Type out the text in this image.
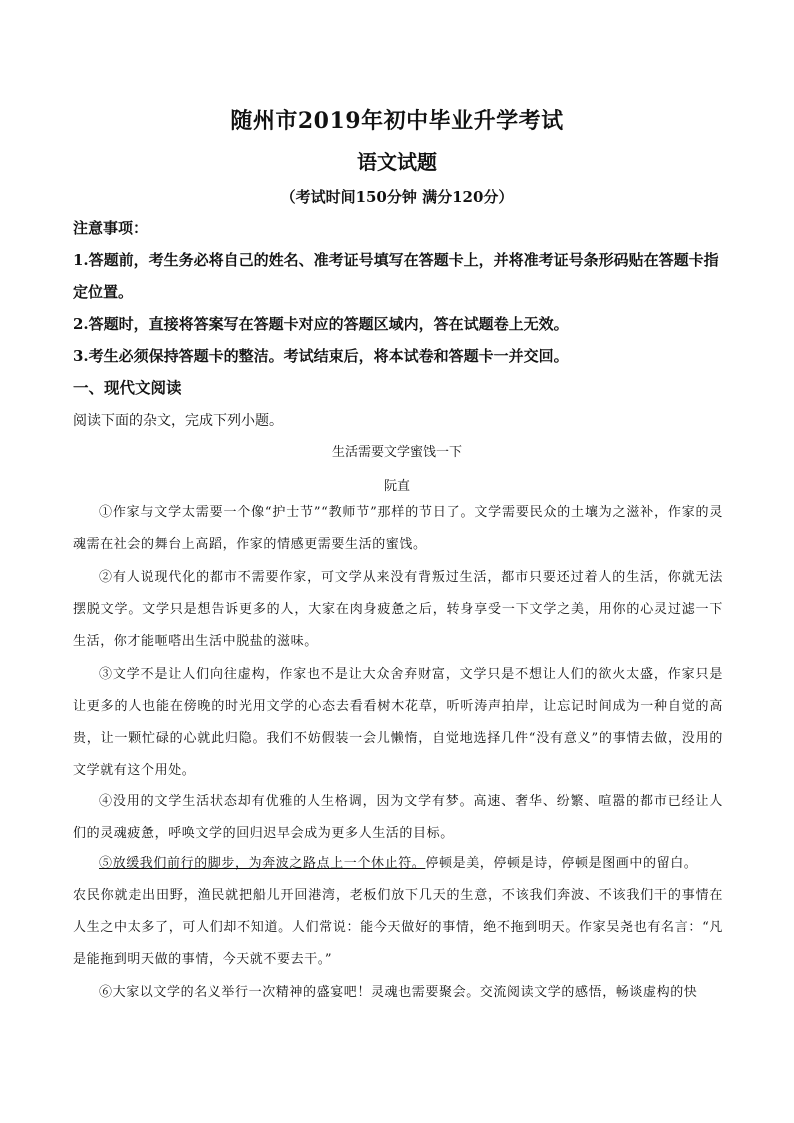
随州市2019年初中毕业升学考试
语文试题
（考试时间150分钟 满分120分）
注意事项：
1.答题前，考生务必将自己的姓名、准考证号填写在答题卡上，并将准考证号条形码贴在答题卡指定位置。
2.答题时，直接将答案写在答题卡对应的答题区域内，答在试题卷上无效。
3.考生必须保持答题卡的整洁。考试结束后，将本试卷和答题卡一并交回。
一、现代文阅读
阅读下面的杂文，完成下列小题。
生活需要文学蜜饯一下
阮直

①作家与文学太需要一个像“护士节”“教师节”那样的节日了。文学需要民众的土壤为之滋补，作家的灵魂需在社会的舞台上高蹈，作家的情感更需要生活的蜜饯。

②有人说现代化的都市不需要作家，可文学从来没有背叛过生活，都市只要还过着人的生活，你就无法摆脱文学。文学只是想告诉更多的人，大家在肉身疲惫之后，转身享受一下文学之美，用你的心灵过滤一下生活，你才能咂嗒出生活中脱盐的滋味。

③文学不是让人们向往虚构，作家也不是让大众舍弃财富，文学只是不想让人们的欲火太盛，作家只是让更多的人也能在傍晚的时光用文学的心态去看看树木花草，听听涛声拍岸，让忘记时间成为一种自觉的高贵，让一颗忙碌的心就此归隐。我们不妨假装一会儿懒惰，自觉地选择几件“没有意义”的事情去做，没用的文学就有这个用处。

④没用的文学生活状态却有优雅的人生格调，因为文学有梦。高速、奢华、纷繁、喧嚣的都市已经让人们的灵魂疲惫，呼唤文学的回归迟早会成为更多人生活的目标。

⑤放缓我们前行的脚步，为奔波之路点上一个休止符。停顿是美，停顿是诗，停顿是图画中的留白。

农民你就走出田野，渔民就把船儿开回港湾，老板们放下几天的生意，不该我们奔波、不该我们干的事情在人生之中太多了，可人们却不知道。人们常说：能今天做好的事情，绝不拖到明天。作家吴尧也有名言：“凡是能拖到明天做的事情，今天就不要去干。”

⑥大家以文学的名义举行一次精神的盛宴吧！灵魂也需要聚会。交流阅读文学的感悟，畅谈虚构的快
